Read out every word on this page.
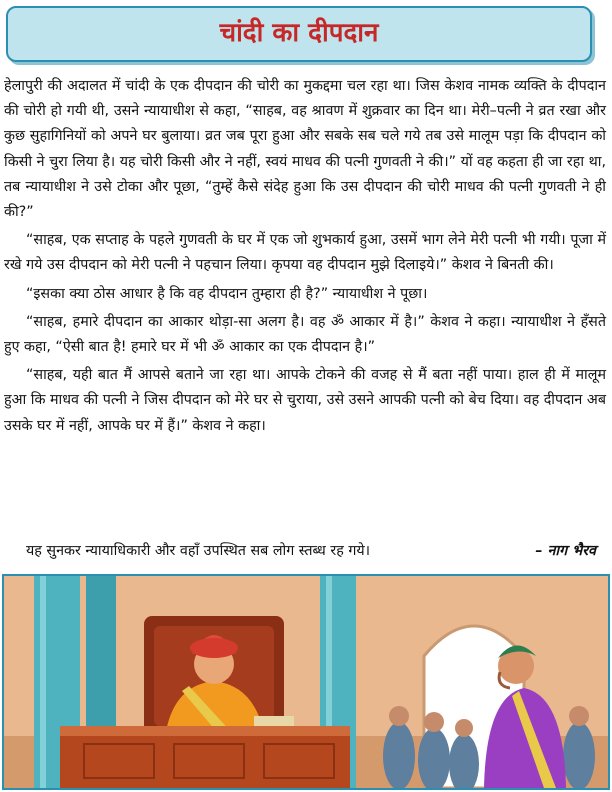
चांदी का दीपदान

हेलापुरी की अदालत में चांदी के एक दीपदान की चोरी का मुकद्दमा चल रहा था। जिस केशव नामक व्यक्ति के दीपदान की चोरी हो गयी थी, उसने न्यायाधीश से कहा, “साहब, वह श्रावण में शुक्रवार का दिन था। मेरी–पत्नी ने व्रत रखा और कुछ सुहागिनियों को अपने घर बुलाया। व्रत जब पूरा हुआ और सबके सब चले गये तब उसे मालूम पड़ा कि दीपदान को किसी ने चुरा लिया है। यह चोरी किसी और ने नहीं, स्वयं माधव की पत्नी गुणवती ने की।” यों वह कहता ही जा रहा था, तब न्यायाधीश ने उसे टोका और पूछा, “तुम्हें कैसे संदेह हुआ कि उस दीपदान की चोरी माधव की पत्नी गुणवती ने ही की?”

“साहब, एक सप्ताह के पहले गुणवती के घर में एक जो शुभकार्य हुआ, उसमें भाग लेने मेरी पत्नी भी गयी। पूजा में रखे गये उस दीपदान को मेरी पत्नी ने पहचान लिया। कृपया वह दीपदान मुझे दिलाइये।” केशव ने बिनती की।

“इसका क्या ठोस आधार है कि वह दीपदान तुम्हारा ही है?” न्यायाधीश ने पूछा।

“साहब, हमारे दीपदान का आकार थोड़ा-सा अलग है। वह ॐ आकार में है।” केशव ने कहा। न्यायाधीश ने हँसते हुए कहा, “ऐसी बात है! हमारे घर में भी ॐ आकार का एक दीपदान है।”

“साहब, यही बात मैं आपसे बताने जा रहा था। आपके टोकने की वजह से मैं बता नहीं पाया। हाल ही में मालूम हुआ कि माधव की पत्नी ने जिस दीपदान को मेरे घर से चुराया, उसे उसने आपकी पत्नी को बेच दिया। वह दीपदान अब उसके घर में नहीं, आपके घर में हैं।” केशव ने कहा।

यह सुनकर न्यायाधिकारी और वहाँ उपस्थित सब लोग स्तब्ध रह गये।	– नाग भैरव
